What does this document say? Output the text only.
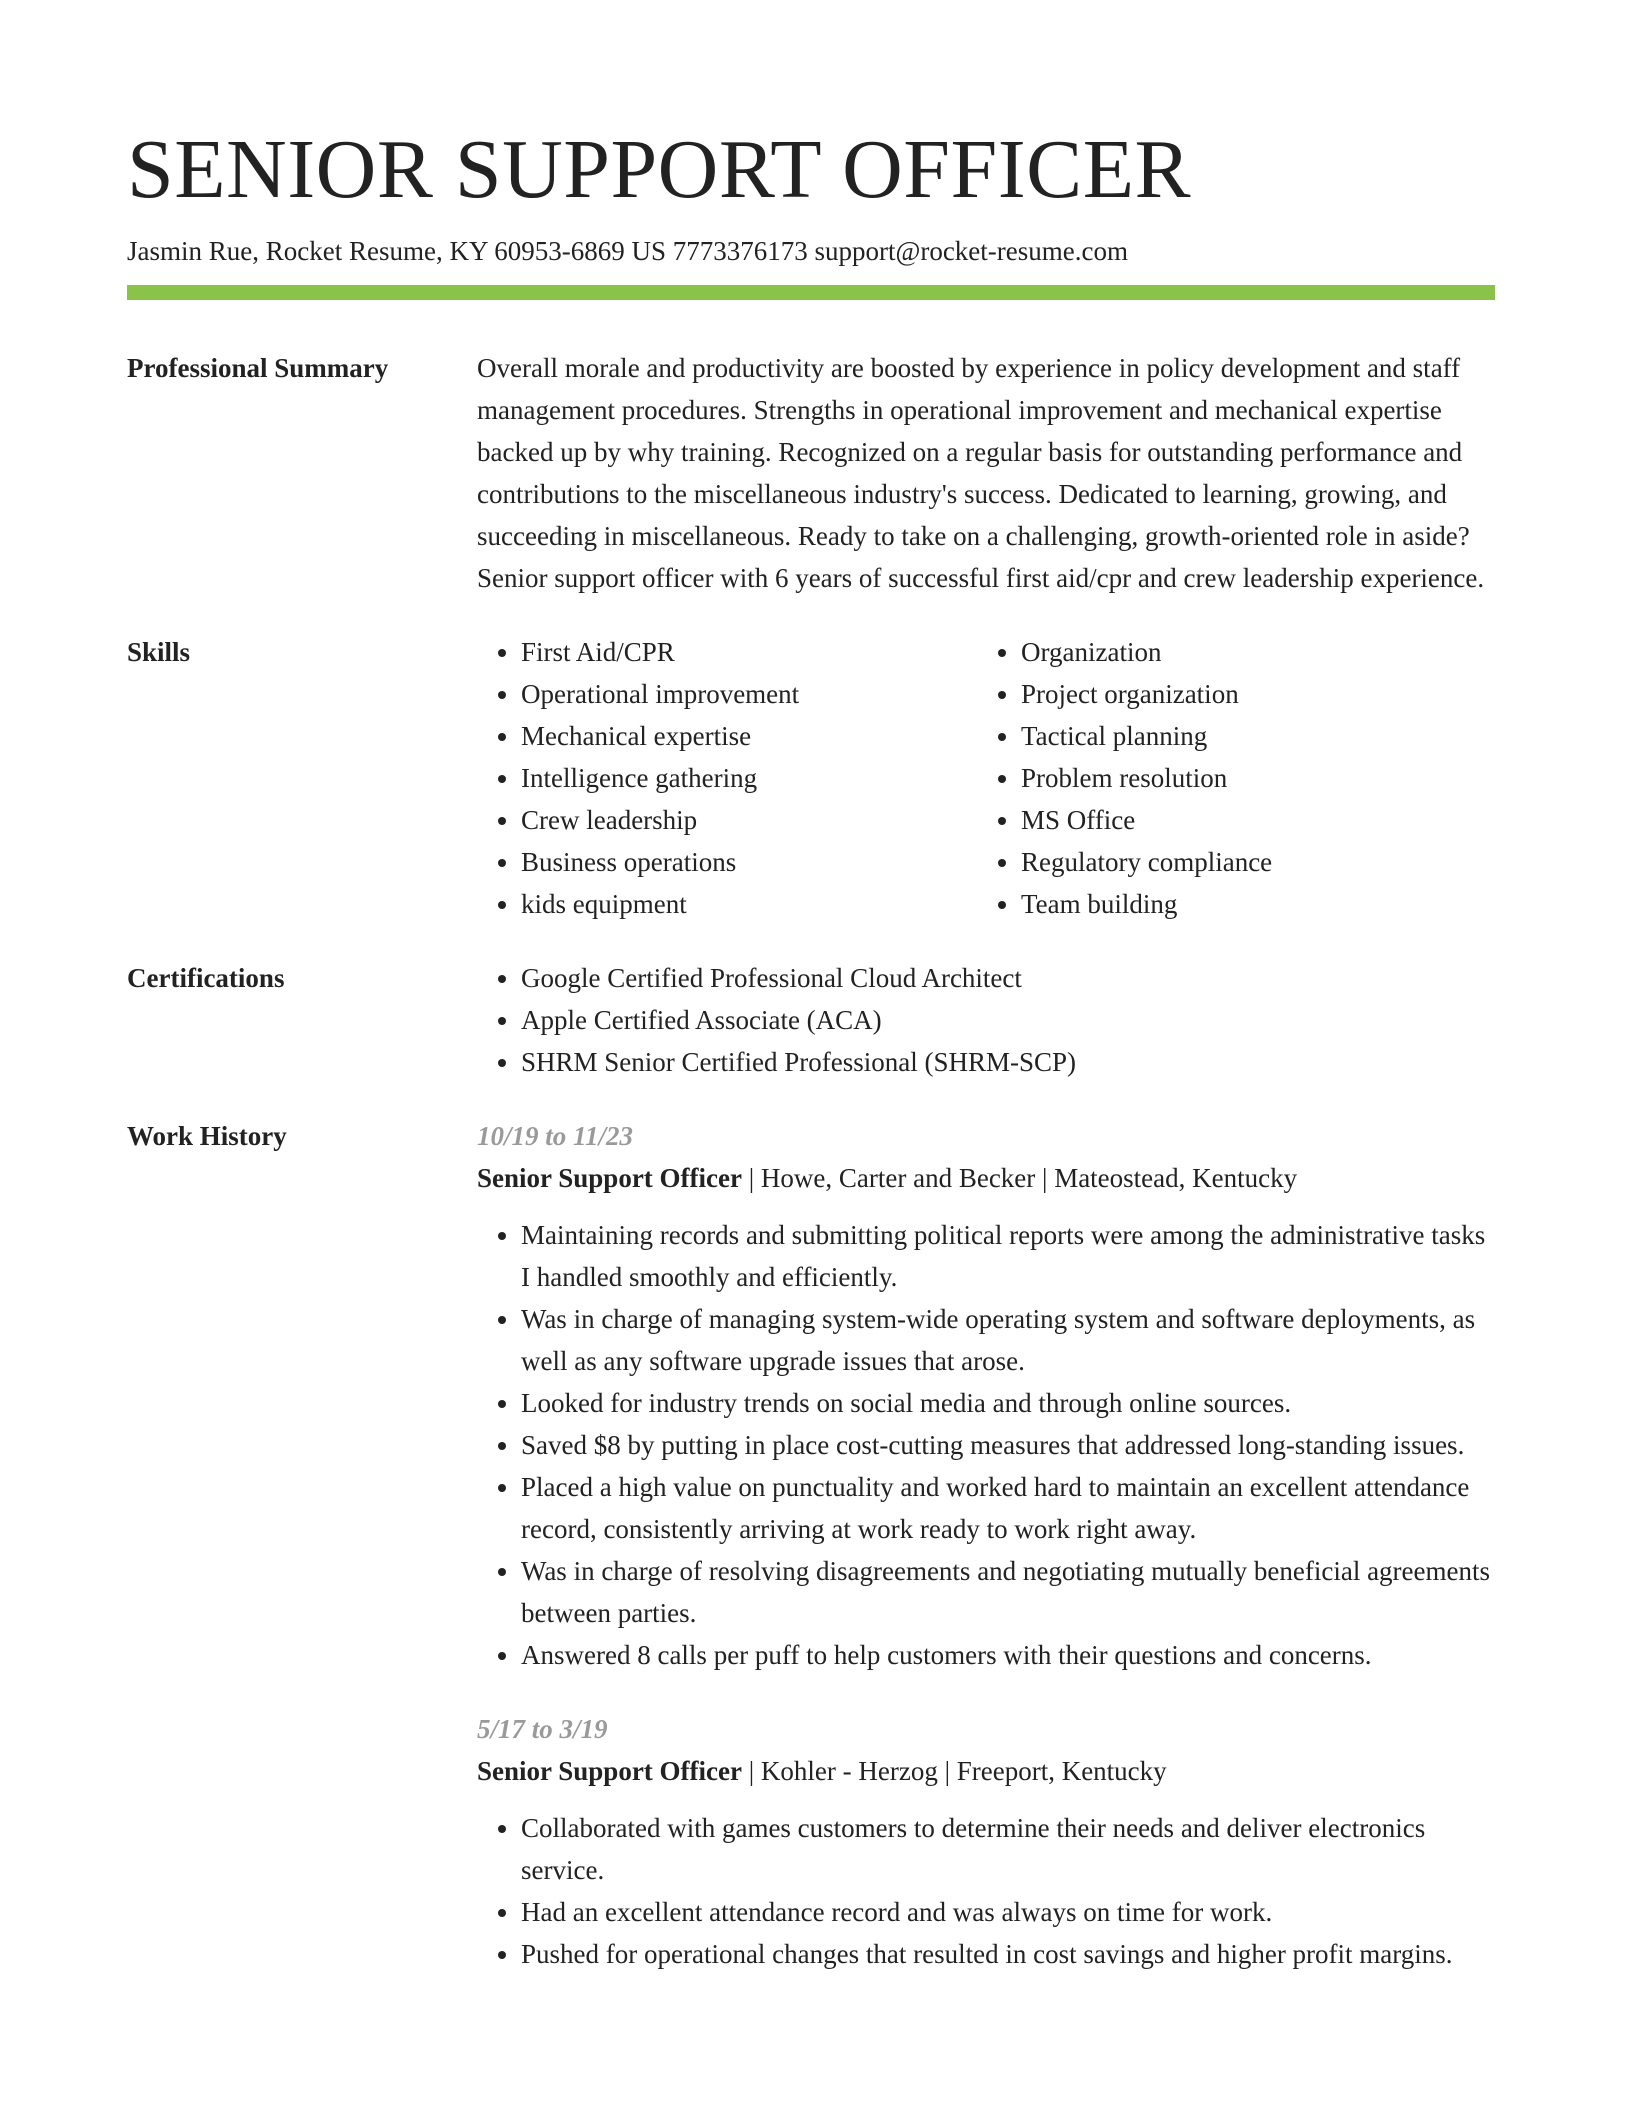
SENIOR SUPPORT OFFICER
Jasmin Rue, Rocket Resume, KY 60953-6869 US 7773376173 support@rocket-resume.com
Professional Summary	Overall morale and productivity are boosted by experience in policy development and staff management procedures. Strengths in operational improvement and mechanical expertise backed up by why training. Recognized on a regular basis for outstanding performance and contributions to the miscellaneous industry's success. Dedicated to learning, growing, and succeeding in miscellaneous. Ready to take on a challenging, growth-oriented role in aside? Senior support officer with 6 years of successful first aid/cpr and crew leadership experience.
Skills	• First Aid/CPR
• Operational improvement
• Mechanical expertise
• Intelligence gathering
• Crew leadership
• Business operations
• kids equipment
• Organization
• Project organization
• Tactical planning
• Problem resolution
• MS Office
• Regulatory compliance
• Team building
Certifications	• Google Certified Professional Cloud Architect
• Apple Certified Associate (ACA)
• SHRM Senior Certified Professional (SHRM-SCP)
Work History	10/19 to 11/23
Senior Support Officer | Howe, Carter and Becker | Mateostead, Kentucky
• Maintaining records and submitting political reports were among the administrative tasks I handled smoothly and efficiently.
• Was in charge of managing system-wide operating system and software deployments, as well as any software upgrade issues that arose.
• Looked for industry trends on social media and through online sources.
• Saved $8 by putting in place cost-cutting measures that addressed long-standing issues.
• Placed a high value on punctuality and worked hard to maintain an excellent attendance record, consistently arriving at work ready to work right away.
• Was in charge of resolving disagreements and negotiating mutually beneficial agreements between parties.
• Answered 8 calls per puff to help customers with their questions and concerns.
5/17 to 3/19
Senior Support Officer | Kohler - Herzog | Freeport, Kentucky
• Collaborated with games customers to determine their needs and deliver electronics service.
• Had an excellent attendance record and was always on time for work.
• Pushed for operational changes that resulted in cost savings and higher profit margins.
